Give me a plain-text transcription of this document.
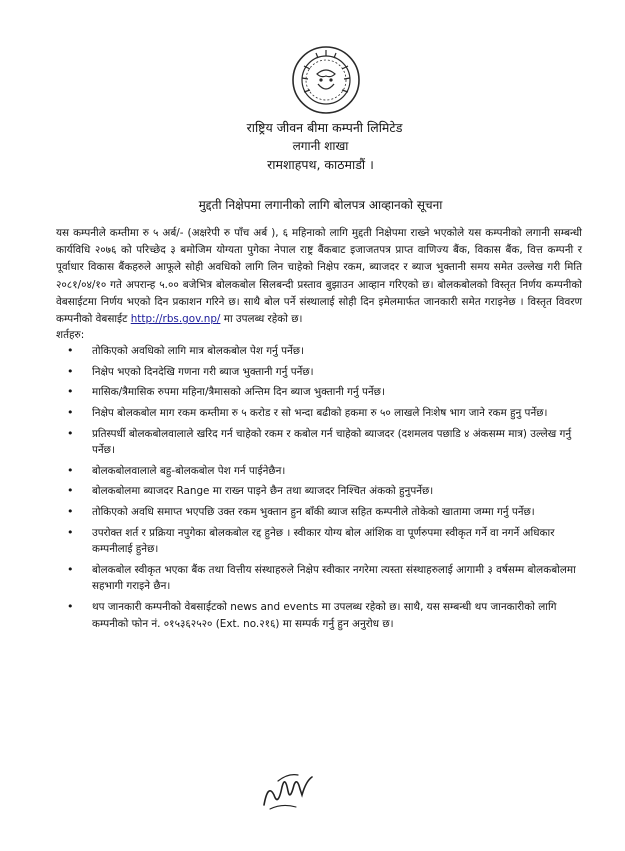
राष्ट्रिय जीवन बीमा कम्पनी लिमिटेड
लगानी शाखा
रामशाहपथ, काठमाडौं ।
मुद्दती निक्षेपमा लगानीको लागि बोलपत्र आव्हानको सूचना

यस कम्पनीले कम्तीमा रु ५ अर्ब/- (अक्षरेपी रु पाँच अर्ब ), ६ महिनाको लागि मुद्दती निक्षेपमा राख्ने भएकोले यस कम्पनीको लगानी सम्बन्धी कार्यविधि २०७६ को परिच्छेद ३ बमोजिम योग्यता पुगेका नेपाल राष्ट्र बैंकबाट इजाजतपत्र प्राप्त वाणिज्य बैंक, विकास बैंक, वित्त कम्पनी र पूर्वाधार विकास बैंकहरुले आफूले सोही अवधिको लागि लिन चाहेको निक्षेप रकम, ब्याजदर र ब्याज भुक्तानी समय समेत उल्लेख गरी मिति २०८१/०४/१० गते अपरान्ह ५.०० बजेभित्र बोलकबोल सिलबन्दी प्रस्ताव बुझाउन आव्हान गरिएको छ। बोलकबोलको विस्तृत निर्णय कम्पनीको वेबसाईटमा निर्णय भएको दिन प्रकाशन गरिने छ। साथै बोल पर्ने संस्थालाई सोही दिन इमेलमार्फत जानकारी समेत गराइनेछ । विस्तृत विवरण कम्पनीको वेबसाईट http://rbs.gov.np/ मा उपलब्ध रहेको छ।

शर्तहरु:

• तोकिएको अवधिको लागि मात्र बोलकबोल पेश गर्नु पर्नेछ।
• निक्षेप भएको दिनदेखि गणना गरी ब्याज भुक्तानी गर्नु पर्नेछ।
• मासिक/त्रैमासिक रुपमा महिना/त्रैमासको अन्तिम दिन ब्याज भुक्तानी गर्नु पर्नेछ।
• निक्षेप बोलकबोल माग रकम कम्तीमा रु ५ करोड र सो भन्दा बढीको हकमा रु ५० लाखले निःशेष भाग जाने रकम हुनु पर्नेछ।
• प्रतिस्पर्धी बोलकबोलवालाले खरिद गर्न चाहेको रकम र कबोल गर्न चाहेको ब्याजदर (दशमलव पछाडि ४ अंकसम्म मात्र) उल्लेख गर्नु पर्नेछ।
• बोलकबोलवालाले बहु-बोलकबोल पेश गर्न पाईनेछैन।
• बोलकबोलमा ब्याजदर Range मा राख्न पाइने छैन तथा ब्याजदर निश्चित अंकको हुनुपर्नेछ।
• तोकिएको अवधि समाप्त भएपछि उक्त रकम भुक्तान हुन बाँकी ब्याज सहित कम्पनीले तोकेको खातामा जम्मा गर्नु पर्नेछ।
• उपरोक्त शर्त र प्रक्रिया नपुगेका बोलकबोल रद्द हुनेछ । स्वीकार योग्य बोल आंशिक वा पूर्णरुपमा स्वीकृत गर्ने वा नगर्ने अधिकार कम्पनीलाई हुनेछ।
• बोलकबोल स्वीकृत भएका बैंक तथा वित्तीय संस्थाहरुले निक्षेप स्वीकार नगरेमा त्यस्ता संस्थाहरुलाई आगामी ३ वर्षसम्म बोलकबोलमा सहभागी गराइने छैन।
• थप जानकारी कम्पनीको वेबसाईटको news and events मा उपलब्ध रहेको छ। साथै, यस सम्बन्धी थप जानकारीको लागि कम्पनीको फोन नं. ०१५३६२५२० (Ext. no.२१६) मा सम्पर्क गर्नु हुन अनुरोध छ।
